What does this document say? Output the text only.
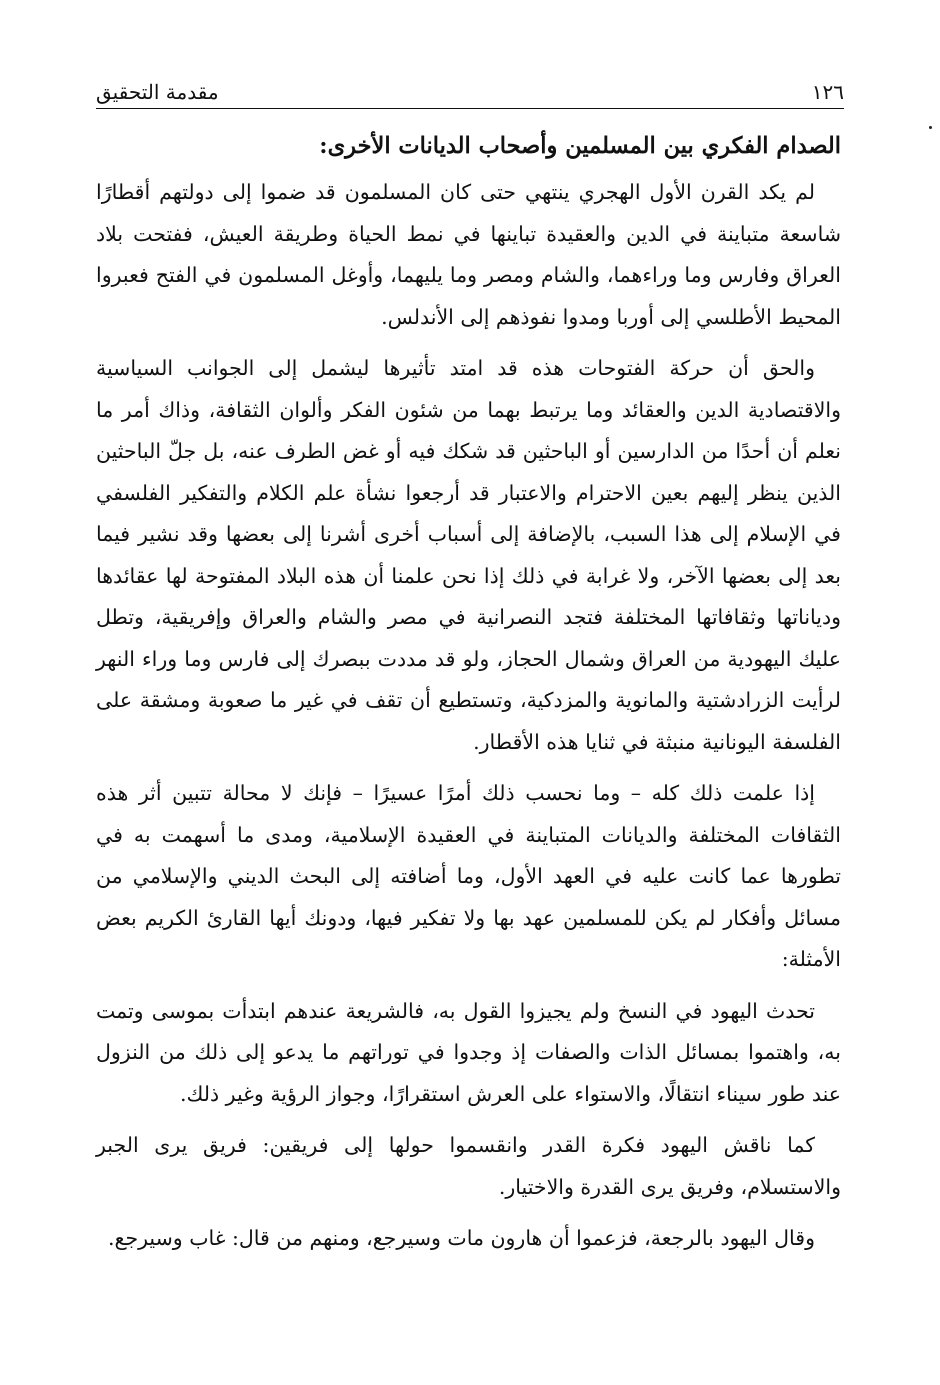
١٢٦
مقدمة التحقيق

الصدام الفكري بين المسلمين وأصحاب الديانات الأخرى:

لم يكد القرن الأول الهجري ينتهي حتى كان المسلمون قد ضموا إلى دولتهم أقطارًا شاسعة متباينة في الدين والعقيدة تباينها في نمط الحياة وطريقة العيش، ففتحت بلاد العراق وفارس وما وراءهما، والشام ومصر وما يليهما، وأوغل المسلمون في الفتح فعبروا المحيط الأطلسي إلى أوربا ومدوا نفوذهم إلى الأندلس.

والحق أن حركة الفتوحات هذه قد امتد تأثيرها ليشمل إلى الجوانب السياسية والاقتصادية الدين والعقائد وما يرتبط بهما من شئون الفكر وألوان الثقافة، وذاك أمر ما نعلم أن أحدًا من الدارسين أو الباحثين قد شكك فيه أو غض الطرف عنه، بل جلّ الباحثين الذين ينظر إليهم بعين الاحترام والاعتبار قد أرجعوا نشأة علم الكلام والتفكير الفلسفي في الإسلام إلى هذا السبب، بالإضافة إلى أسباب أخرى أشرنا إلى بعضها وقد نشير فيما بعد إلى بعضها الآخر، ولا غرابة في ذلك إذا نحن علمنا أن هذه البلاد المفتوحة لها عقائدها ودياناتها وثقافاتها المختلفة فتجد النصرانية في مصر والشام والعراق وإفريقية، وتطل عليك اليهودية من العراق وشمال الحجاز، ولو قد مددت ببصرك إلى فارس وما وراء النهر لرأيت الزرادشتية والمانوية والمزدكية، وتستطيع أن تقف في غير ما صعوبة ومشقة على الفلسفة اليونانية منبثة في ثنايا هذه الأقطار.

إذا علمت ذلك كله – وما نحسب ذلك أمرًا عسيرًا – فإنك لا محالة تتبين أثر هذه الثقافات المختلفة والديانات المتباينة في العقيدة الإسلامية، ومدى ما أسهمت به في تطورها عما كانت عليه في العهد الأول، وما أضافته إلى البحث الديني والإسلامي من مسائل وأفكار لم يكن للمسلمين عهد بها ولا تفكير فيها، ودونك أيها القارئ الكريم بعض الأمثلة:

تحدث اليهود في النسخ ولم يجيزوا القول به، فالشريعة عندهم ابتدأت بموسى وتمت به، واهتموا بمسائل الذات والصفات إذ وجدوا في توراتهم ما يدعو إلى ذلك من النزول عند طور سيناء انتقالًا، والاستواء على العرش استقرارًا، وجواز الرؤية وغير ذلك.

كما ناقش اليهود فكرة القدر وانقسموا حولها إلى فريقين: فريق يرى الجبر والاستسلام، وفريق يرى القدرة والاختيار.

وقال اليهود بالرجعة، فزعموا أن هارون مات وسيرجع، ومنهم من قال: غاب وسيرجع.
